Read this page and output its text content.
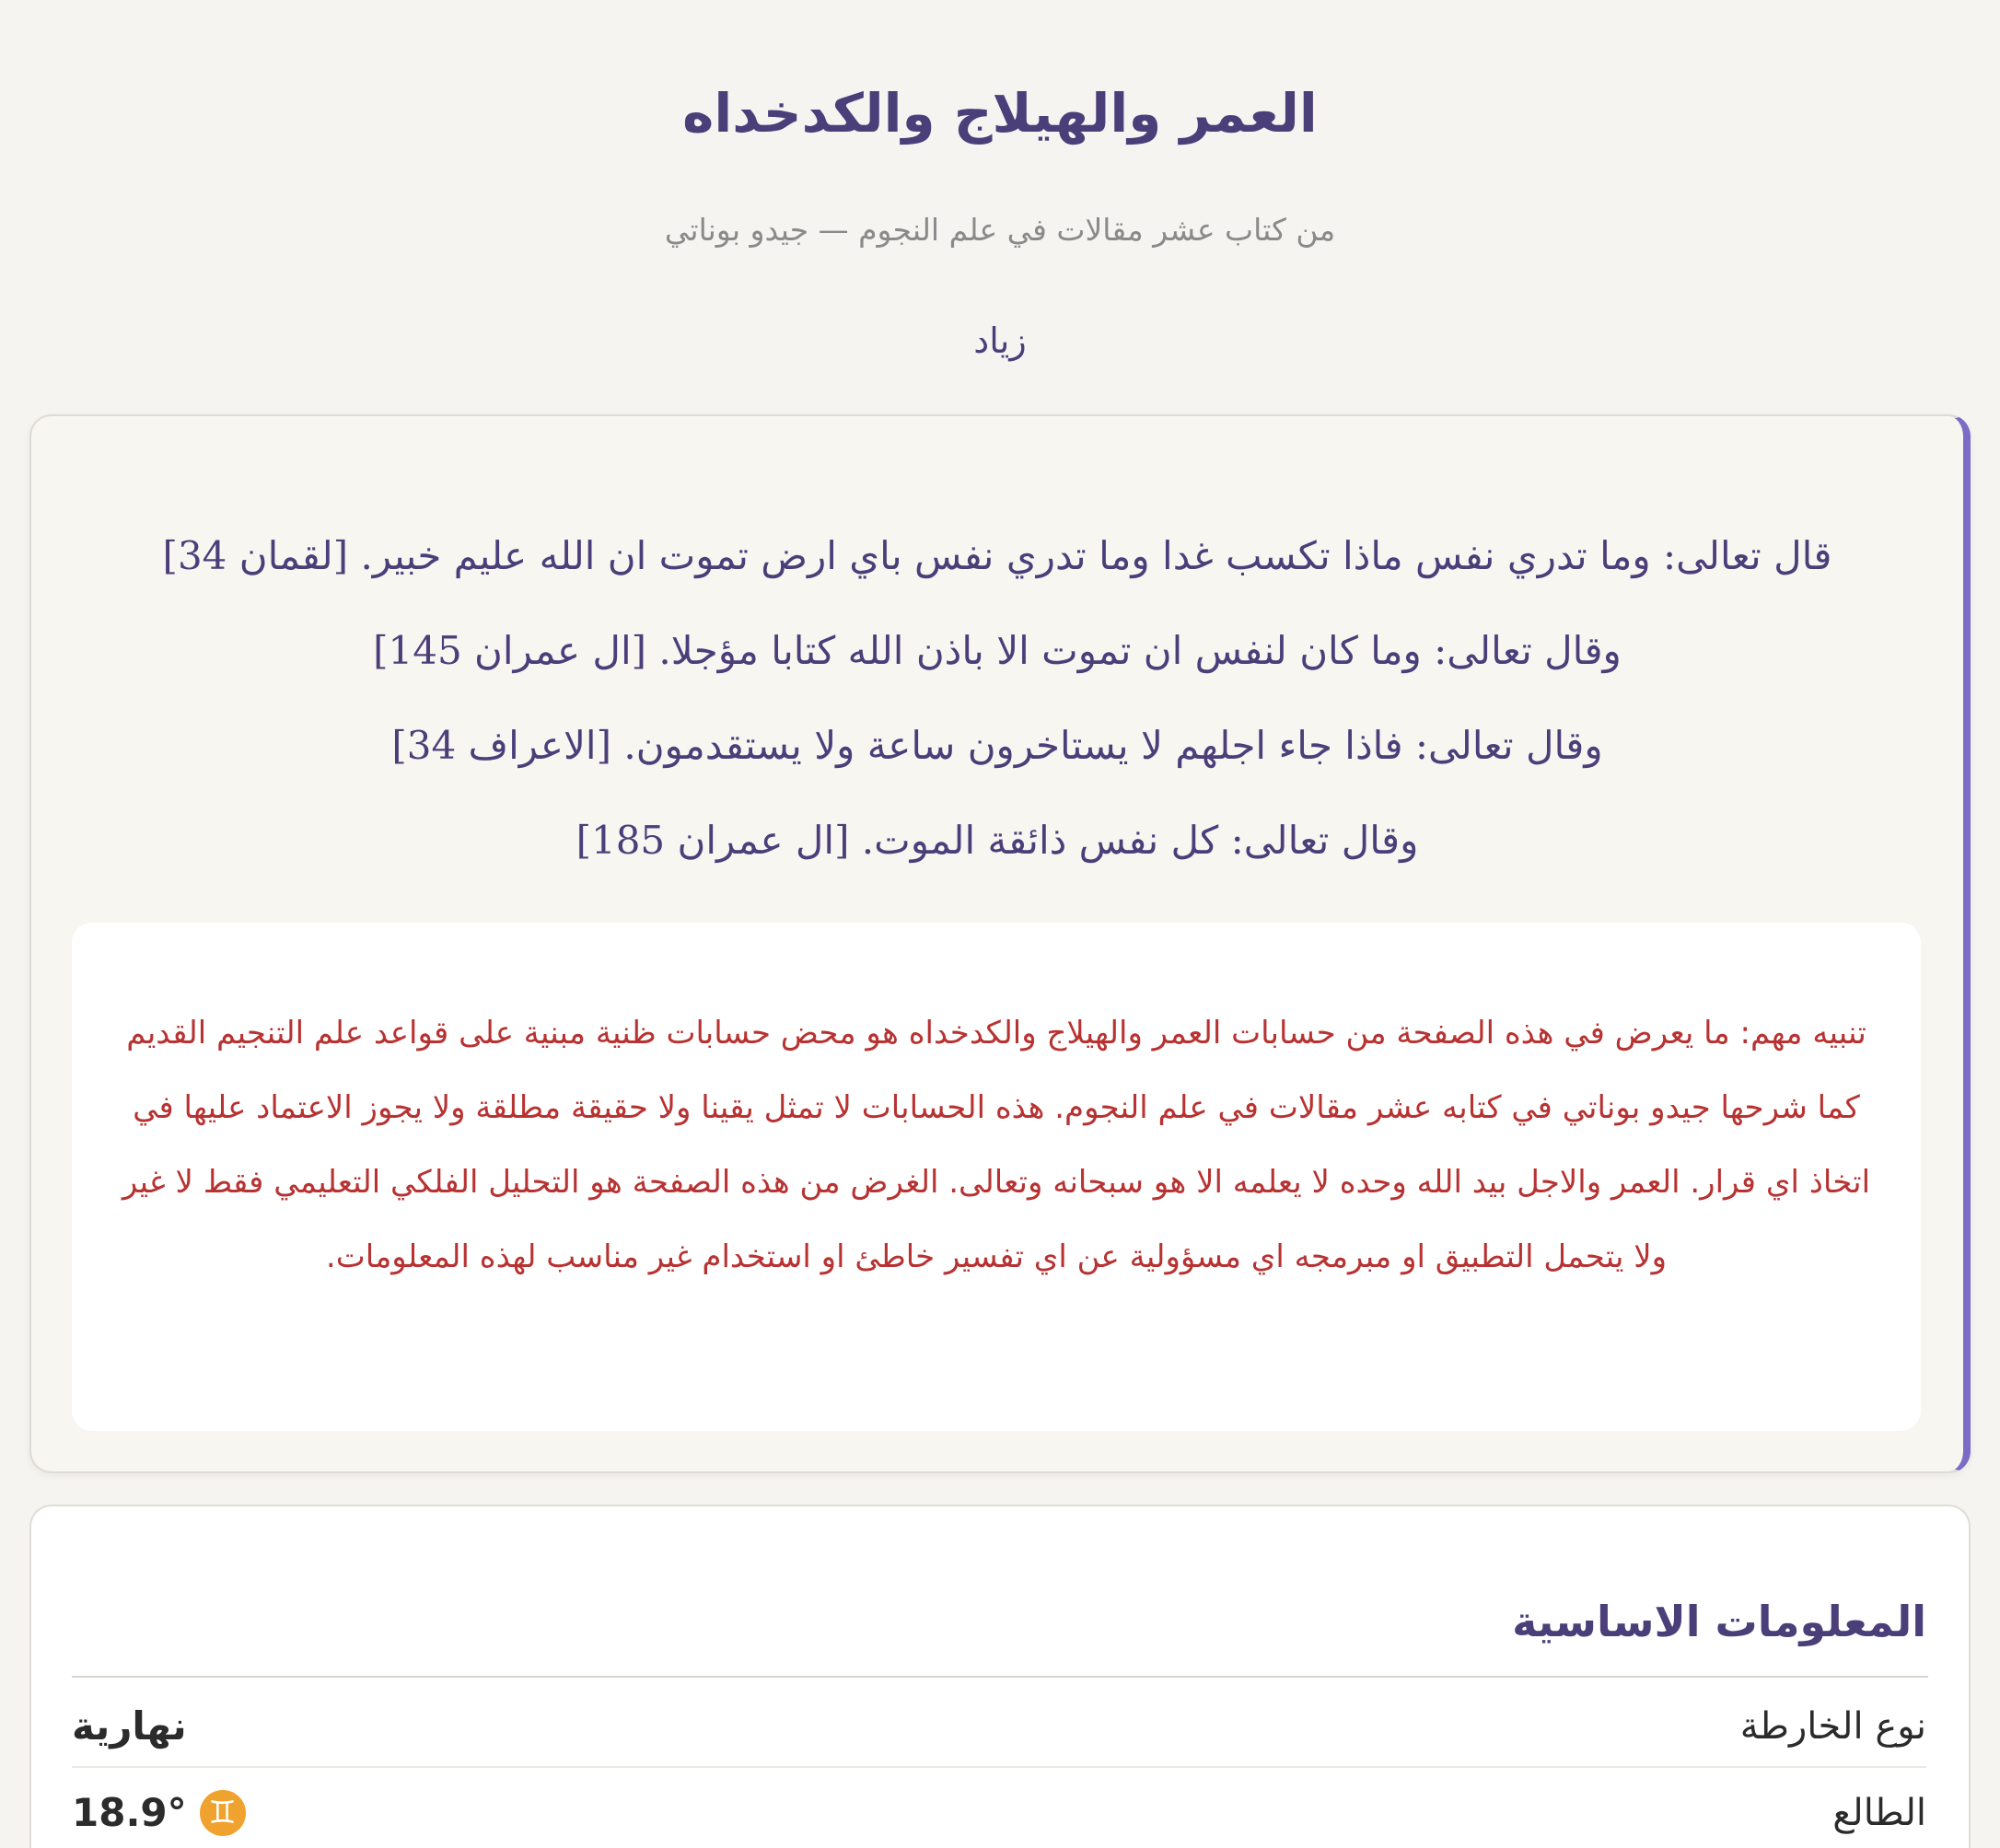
العمر والهيلاج والكدخداه
من كتاب عشر مقالات في علم النجوم — جيدو بوناتي
زياد
قال تعالى: وما تدري نفس ماذا تكسب غدا وما تدري نفس باي ارض تموت ان الله عليم خبير. [لقمان 34]
وقال تعالى: وما كان لنفس ان تموت الا باذن الله كتابا مؤجلا. [ال عمران 145]
وقال تعالى: فاذا جاء اجلهم لا يستاخرون ساعة ولا يستقدمون. [الاعراف 34]
وقال تعالى: كل نفس ذائقة الموت. [ال عمران 185]
تنبيه مهم: ما يعرض في هذه الصفحة من حسابات العمر والهيلاج والكدخداه هو محض حسابات ظنية مبنية على قواعد علم التنجيم القديم كما شرحها جيدو بوناتي في كتابه عشر مقالات في علم النجوم. هذه الحسابات لا تمثل يقينا ولا حقيقة مطلقة ولا يجوز الاعتماد عليها في اتخاذ اي قرار. العمر والاجل بيد الله وحده لا يعلمه الا هو سبحانه وتعالى. الغرض من هذه الصفحة هو التحليل الفلكي التعليمي فقط لا غير ولا يتحمل التطبيق او مبرمجه اي مسؤولية عن اي تفسير خاطئ او استخدام غير مناسب لهذه المعلومات.
المعلومات الاساسية
نوع الخارطة
نهارية
الطالع
18.9° ♊
